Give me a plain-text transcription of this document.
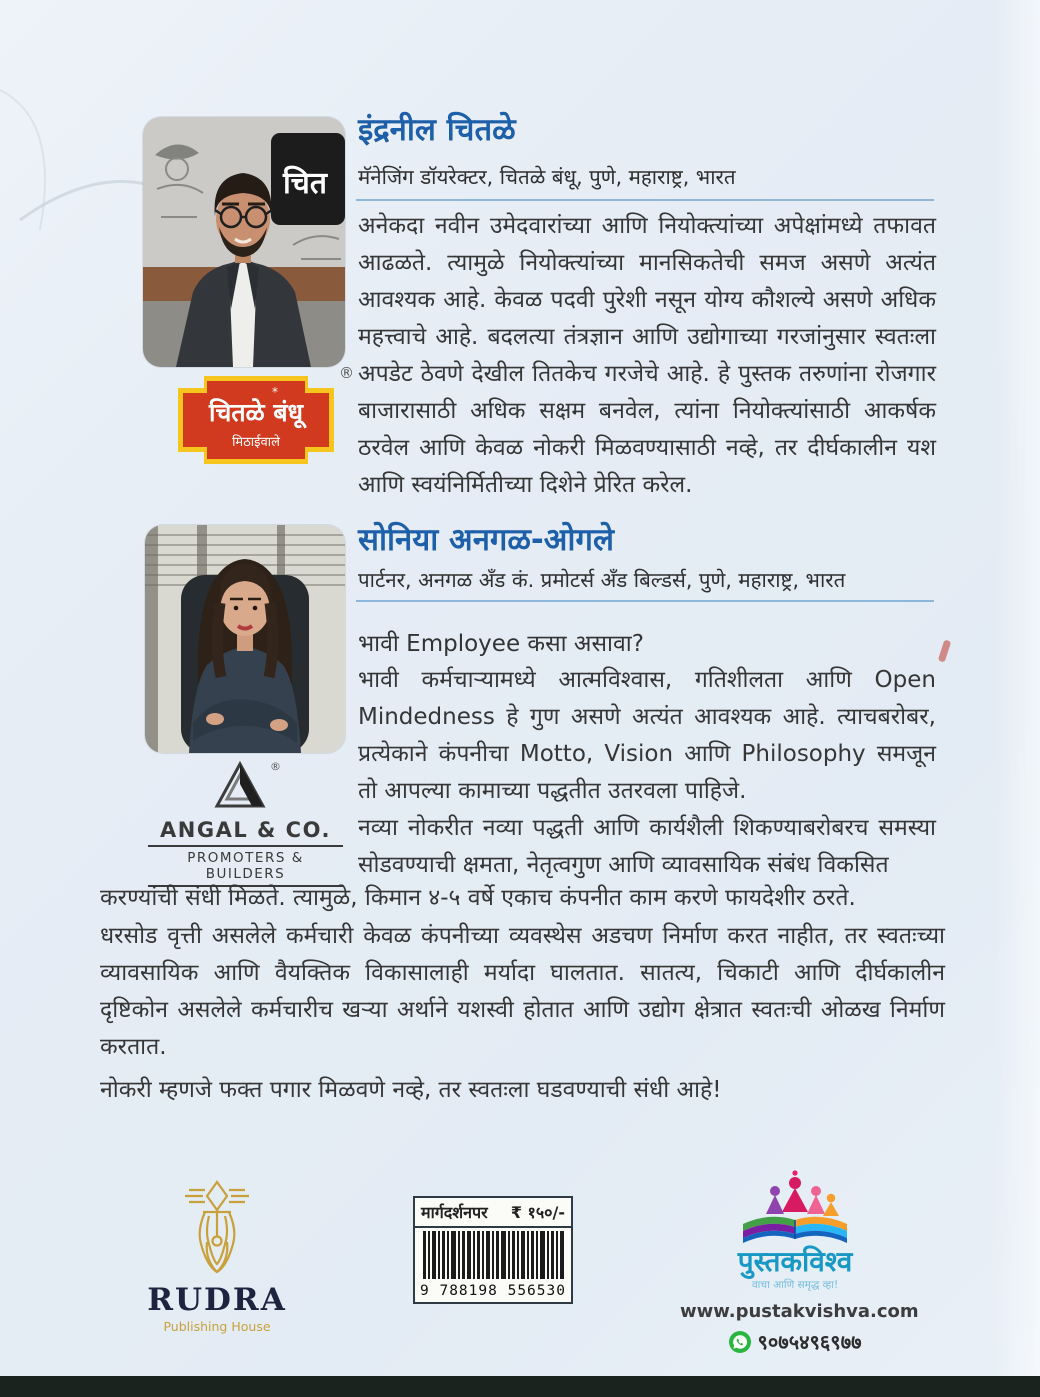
चित
इंद्रनील चितळे
मॅनेजिंग डॉयरेक्टर, चितळे बंधू, पुणे, महाराष्ट्र, भारत
अनेकदा नवीन उमेदवारांच्या आणि नियोक्त्यांच्या अपेक्षांमध्ये तफावत आढळते. त्यामुळे नियोक्त्यांच्या मानसिकतेची समज असणे अत्यंत आवश्यक आहे. केवळ पदवी पुरेशी नसून योग्य कौशल्ये असणे अधिक महत्त्वाचे आहे. बदलत्या तंत्रज्ञान आणि उद्योगाच्या गरजांनुसार स्वतःला अपडेट ठेवणे देखील तितकेच गरजेचे आहे. हे पुस्तक तरुणांना रोजगार बाजारासाठी अधिक सक्षम बनवेल, त्यांना नियोक्त्यांसाठी आकर्षक ठरवेल आणि केवळ नोकरी मिळवण्यासाठी नव्हे, तर दीर्घकालीन यश आणि स्वयंनिर्मितीच्या दिशेने प्रेरित करेल.
®
चितळे बंधू
*
मिठाईवाले
सोनिया अनगळ-ओगले
पार्टनर, अनगळ अँड कं. प्रमोटर्स अँड बिल्डर्स, पुणे, महाराष्ट्र, भारत
भावी Employee कसा असावा?
भावी कर्मचाऱ्यामध्ये आत्मविश्वास, गतिशीलता आणि Open Mindedness हे गुण असणे अत्यंत आवश्यक आहे. त्याचबरोबर, प्रत्येकाने कंपनीचा Motto, Vision आणि Philosophy समजून तो आपल्या कामाच्या पद्धतीत उतरवला पाहिजे.
नव्या नोकरीत नव्या पद्धती आणि कार्यशैली शिकण्याबरोबरच समस्या सोडवण्याची क्षमता, नेतृत्वगुण आणि व्यावसायिक संबंध विकसित
®
ANGAL & CO.
PROMOTERS & BUILDERS

करण्यांची संधी मिळते. त्यामुळे, किमान ४-५ वर्षे एकाच कंपनीत काम करणे फायदेशीर ठरते.

धरसोड वृत्ती असलेले कर्मचारी केवळ कंपनीच्या व्यवस्थेस अडचण निर्माण करत नाहीत, तर स्वतःच्या व्यावसायिक आणि वैयक्तिक विकासालाही मर्यादा घालतात. सातत्य, चिकाटी आणि दीर्घकालीन दृष्टिकोन असलेले कर्मचारीच खऱ्या अर्थाने यशस्वी होतात आणि उद्योग क्षेत्रात स्वतःची ओळख निर्माण करतात.

नोकरी म्हणजे फक्त पगार मिळवणे नव्हे, तर स्वतःला घडवण्याची संधी आहे!

RUDRA
Publishing House
मार्गदर्शनपर ₹ १५०/-
9 788198 556530
पुस्तकविश्व
वाचा आणि समृद्ध व्हा!
www.pustakvishva.com
९०७५४९६९७७
